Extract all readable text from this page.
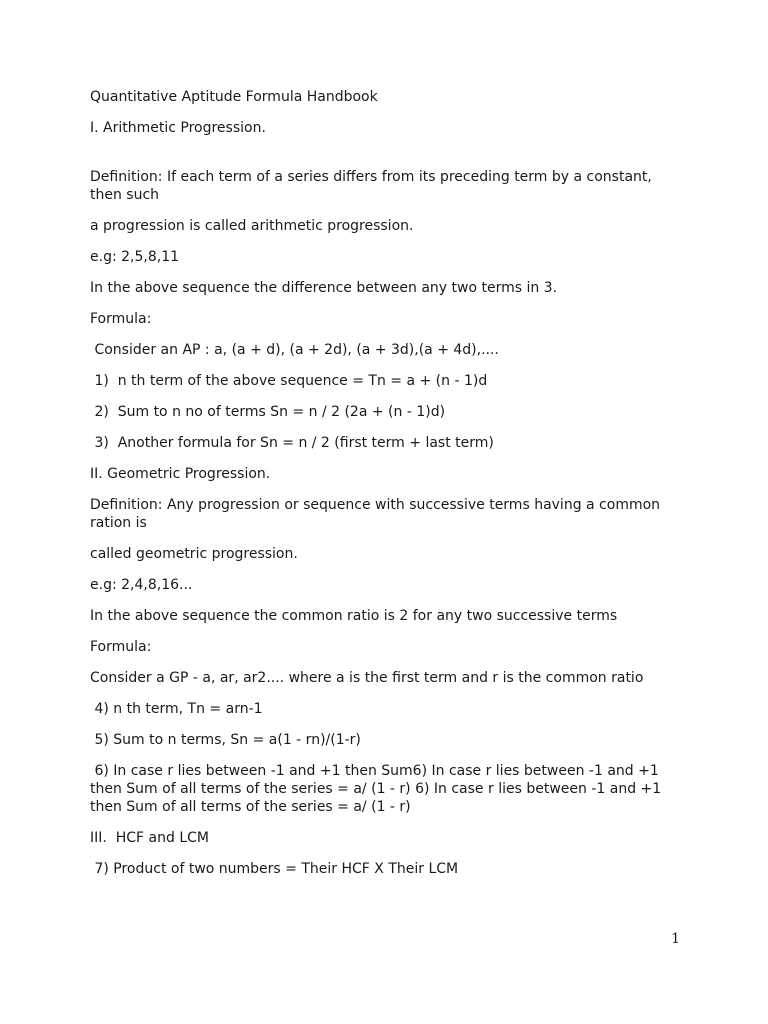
Quantitative Aptitude Formula Handbook

I. Arithmetic Progression.

Definition: If each term of a series differs from its preceding term by a constant, then such

a progression is called arithmetic progression.

e.g: 2,5,8,11

In the above sequence the difference between any two terms in 3.

Formula:

Consider an AP : a, (a + d), (a + 2d), (a + 3d),(a + 4d),....

1)  n th term of the above sequence = Tn = a + (n - 1)d

2)  Sum to n no of terms Sn = n / 2 (2a + (n - 1)d)

3)  Another formula for Sn = n / 2 (first term + last term)

II. Geometric Progression.

Definition: Any progression or sequence with successive terms having a common ration is

called geometric progression.

e.g: 2,4,8,16...

In the above sequence the common ratio is 2 for any two successive terms

Formula:

Consider a GP - a, ar, ar2.... where a is the first term and r is the common ratio

4) n th term, Tn = arn-1

5) Sum to n terms, Sn = a(1 - rn)/(1-r)

6) In case r lies between -1 and +1 then Sum6) In case r lies between -1 and +1 then Sum of all terms of the series = a/ (1 - r) 6) In case r lies between -1 and +1 then Sum of all terms of the series = a/ (1 - r)

III.  HCF and LCM

7) Product of two numbers = Their HCF X Their LCM

1
